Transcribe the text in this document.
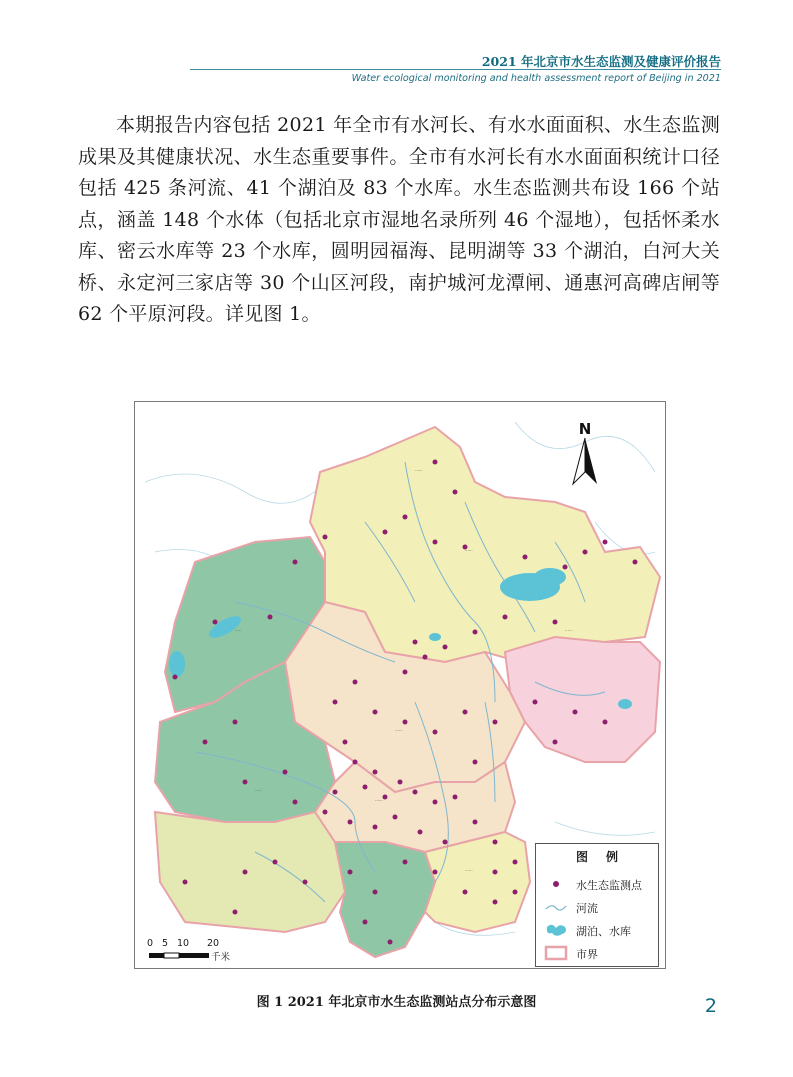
2021 年北京市水生态监测及健康评价报告
Water ecological monitoring and health assessment report of Beijing in 2021

本期报告内容包括 2021 年全市有水河长、有水水面面积、水生态监测成果及其健康状况、水生态重要事件。全市有水河长有水水面面积统计口径包括 425 条河流、41 个湖泊及 83 个水库。水生态监测共布设 166 个站点，涵盖 148 个水体（包括北京市湿地名录所列 46 个湿地），包括怀柔水库、密云水库等 23 个水库，圆明园福海、昆明湖等 33 个湖泊，白河大关桥、永定河三家店等 30 个山区河段，南护城河龙潭闸、通惠河高碑店闸等 62 个平原河段。详见图 1。

······
······
·····	······
······
······
·····
······
N
0 5 10 20
千米
图例
水生态监测点
河流
湖泊、水库
市界
图 1 2021 年北京市水生态监测站点分布示意图	2
